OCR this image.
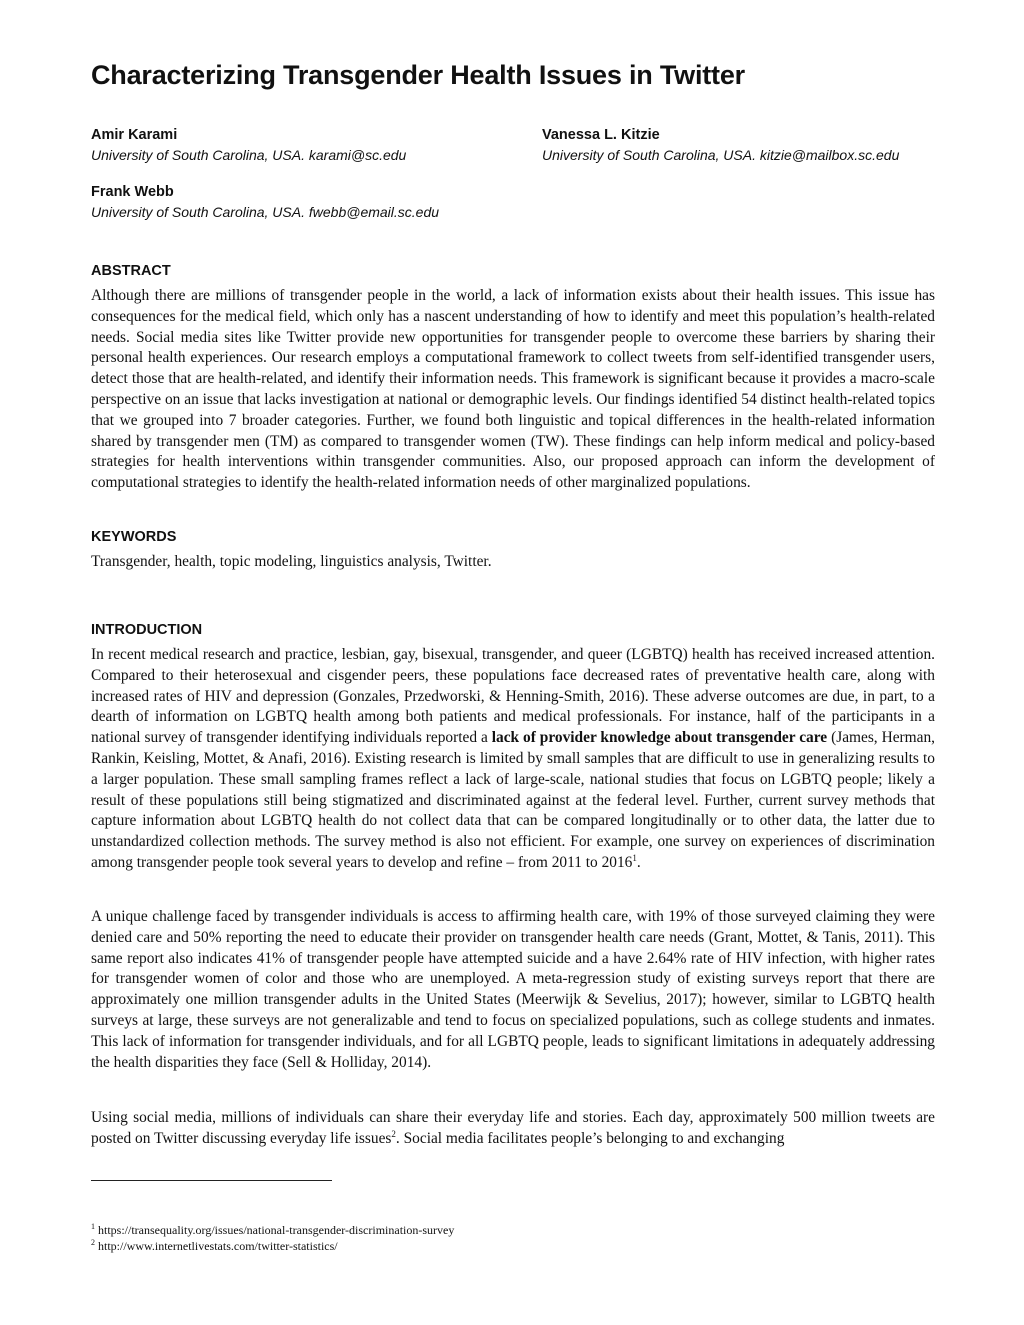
Characterizing Transgender Health Issues in Twitter
Amir Karami
University of South Carolina, USA. karami@sc.edu
Vanessa L. Kitzie
University of South Carolina, USA. kitzie@mailbox.sc.edu
Frank Webb
University of South Carolina, USA. fwebb@email.sc.edu
ABSTRACT

Although there are millions of transgender people in the world, a lack of information exists about their health issues. This issue has consequences for the medical field, which only has a nascent understanding of how to identify and meet this population’s health-related needs. Social media sites like Twitter provide new opportunities for transgender people to overcome these barriers by sharing their personal health experiences. Our research employs a computational framework to collect tweets from self-identified transgender users, detect those that are health-related, and identify their information needs. This framework is significant because it provides a macro-scale perspective on an issue that lacks investigation at national or demographic levels. Our findings identified 54 distinct health-related topics that we grouped into 7 broader categories. Further, we found both linguistic and topical differences in the health-related information shared by transgender men (TM) as compared to transgender women (TW). These findings can help inform medical and policy-based strategies for health interventions within transgender communities. Also, our proposed approach can inform the development of computational strategies to identify the health-related information needs of other marginalized populations.

KEYWORDS

Transgender, health, topic modeling, linguistics analysis, Twitter.

INTRODUCTION

In recent medical research and practice, lesbian, gay, bisexual, transgender, and queer (LGBTQ) health has received increased attention. Compared to their heterosexual and cisgender peers, these populations face decreased rates of preventative health care, along with increased rates of HIV and depression (Gonzales, Przedworski, & Henning-Smith, 2016). These adverse outcomes are due, in part, to a dearth of information on LGBTQ health among both patients and medical professionals. For instance, half of the participants in a national survey of transgender identifying individuals reported a lack of provider knowledge about transgender care (James, Herman, Rankin, Keisling, Mottet, & Anafi, 2016). Existing research is limited by small samples that are difficult to use in generalizing results to a larger population. These small sampling frames reflect a lack of large-scale, national studies that focus on LGBTQ people; likely a result of these populations still being stigmatized and discriminated against at the federal level. Further, current survey methods that capture information about LGBTQ health do not collect data that can be compared longitudinally or to other data, the latter due to unstandardized collection methods. The survey method is also not efficient. For example, one survey on experiences of discrimination among transgender people took several years to develop and refine – from 2011 to 2016$^1$.

A unique challenge faced by transgender individuals is access to affirming health care, with 19% of those surveyed claiming they were denied care and 50% reporting the need to educate their provider on transgender health care needs (Grant, Mottet, & Tanis, 2011). This same report also indicates 41% of transgender people have attempted suicide and a have 2.64% rate of HIV infection, with higher rates for transgender women of color and those who are unemployed. A meta-regression study of existing surveys report that there are approximately one million transgender adults in the United States (Meerwijk & Sevelius, 2017); however, similar to LGBTQ health surveys at large, these surveys are not generalizable and tend to focus on specialized populations, such as college students and inmates. This lack of information for transgender individuals, and for all LGBTQ people, leads to significant limitations in adequately addressing the health disparities they face (Sell & Holliday, 2014).

Using social media, millions of individuals can share their everyday life and stories. Each day, approximately 500 million tweets are posted on Twitter discussing everyday life issues$^2$. Social media facilitates people’s belonging to and exchanging

$^1$ https://transequality.org/issues/national-transgender-discrimination-survey
$^2$ http://www.internetlivestats.com/twitter-statistics/
